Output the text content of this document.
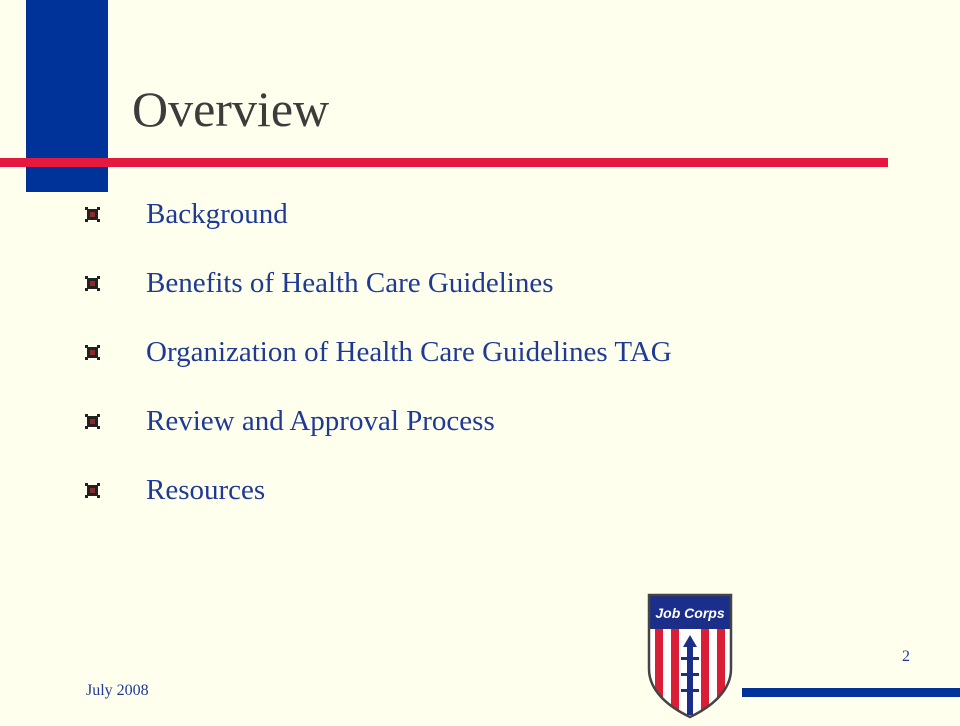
Overview
Background
Benefits of Health Care Guidelines
Organization of Health Care Guidelines TAG
Review and Approval Process
Resources
Job Corps
2
July 2008
